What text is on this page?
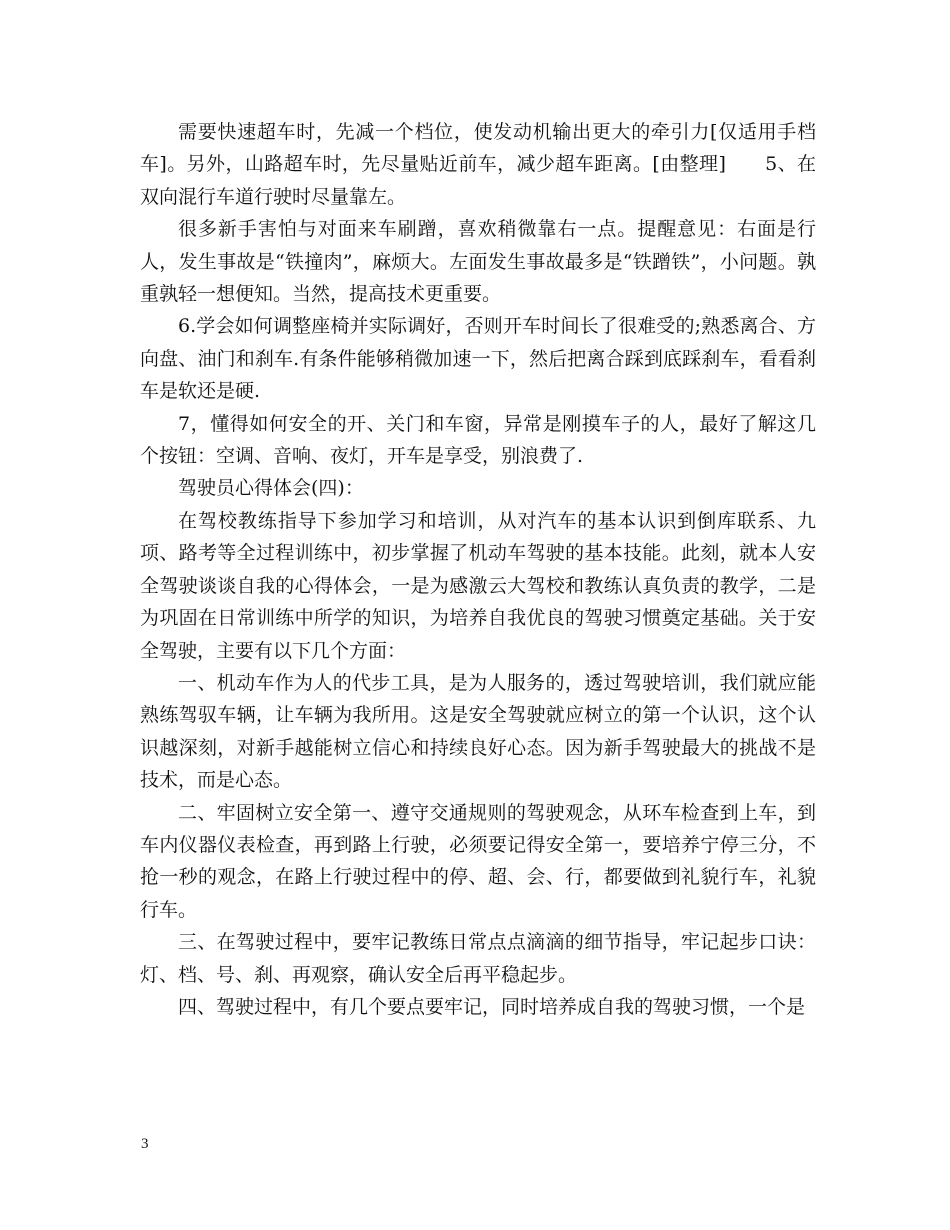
需要快速超车时，先减一个档位，使发动机输出更大的牵引力[仅适用手档车]。另外，山路超车时，先尽量贴近前车，减少超车距离。[由整理]　　5、在双向混行车道行驶时尽量靠左。

很多新手害怕与对面来车刷蹭，喜欢稍微靠右一点。提醒意见：右面是行人，发生事故是“铁撞肉”，麻烦大。左面发生事故最多是“铁蹭铁”，小问题。孰重孰轻一想便知。当然，提高技术更重要。

6.学会如何调整座椅并实际调好，否则开车时间长了很难受的;熟悉离合、方向盘、油门和刹车.有条件能够稍微加速一下，然后把离合踩到底踩刹车，看看刹车是软还是硬.

7，懂得如何安全的开、关门和车窗，异常是刚摸车子的人，最好了解这几个按钮：空调、音响、夜灯，开车是享受，别浪费了.

驾驶员心得体会(四)：

在驾校教练指导下参加学习和培训，从对汽车的基本认识到倒库联系、九项、路考等全过程训练中，初步掌握了机动车驾驶的基本技能。此刻，就本人安全驾驶谈谈自我的心得体会，一是为感激云大驾校和教练认真负责的教学，二是为巩固在日常训练中所学的知识，为培养自我优良的驾驶习惯奠定基础。关于安全驾驶，主要有以下几个方面：

一、机动车作为人的代步工具，是为人服务的，透过驾驶培训，我们就应能熟练驾驭车辆，让车辆为我所用。这是安全驾驶就应树立的第一个认识，这个认识越深刻，对新手越能树立信心和持续良好心态。因为新手驾驶最大的挑战不是技术，而是心态。

二、牢固树立安全第一、遵守交通规则的驾驶观念，从环车检查到上车，到车内仪器仪表检查，再到路上行驶，必须要记得安全第一，要培养宁停三分，不抢一秒的观念，在路上行驶过程中的停、超、会、行，都要做到礼貌行车，礼貌行车。

三、在驾驶过程中，要牢记教练日常点点滴滴的细节指导，牢记起步口诀：灯、档、号、刹、再观察，确认安全后再平稳起步。

四、驾驶过程中，有几个要点要牢记，同时培养成自我的驾驶习惯，一个是

3
